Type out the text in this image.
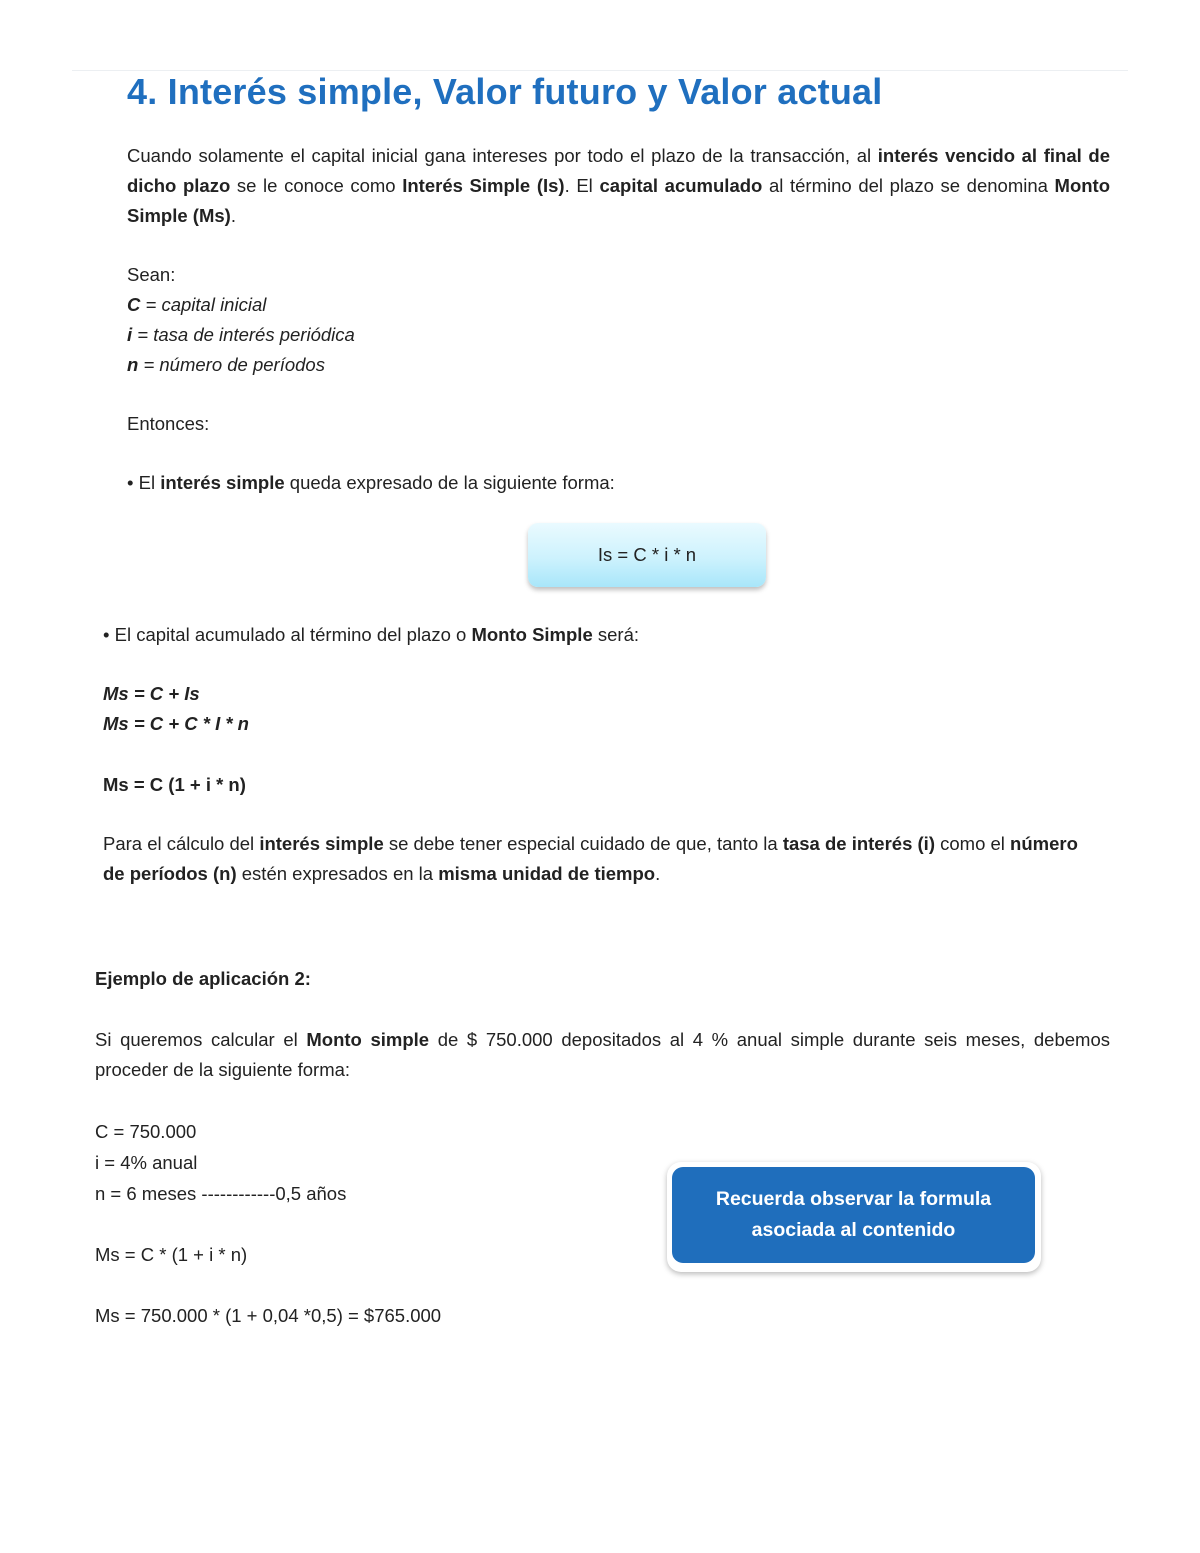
4. Interés simple, Valor futuro y Valor actual

Cuando solamente el capital inicial gana intereses por todo el plazo de la transacción, al interés vencido al final de dicho plazo se le conoce como Interés Simple (Is). El capital acumulado al término del plazo se denomina Monto Simple (Ms).

Sean:

C = capital inicial

i = tasa de interés periódica

n = número de períodos

Entonces:

• El interés simple queda expresado de la siguiente forma:

Is = C * i * n

• El capital acumulado al término del plazo o Monto Simple será:

Ms = C + Is

Ms = C + C * I * n

Ms = C (1 + i * n)

Para el cálculo del interés simple se debe tener especial cuidado de que, tanto la tasa de interés (i) como el número de períodos (n) estén expresados en la misma unidad de tiempo.

Ejemplo de aplicación 2:

Si queremos calcular el Monto simple de $ 750.000 depositados al 4 % anual simple durante seis meses, debemos proceder de la siguiente forma:

C = 750.000

i = 4% anual

n = 6 meses ------------0,5 años

Ms = C * (1 + i * n)

Ms = 750.000 * (1 + 0,04 *0,5) = $765.000

Recuerda observar la formula asociada al contenido
